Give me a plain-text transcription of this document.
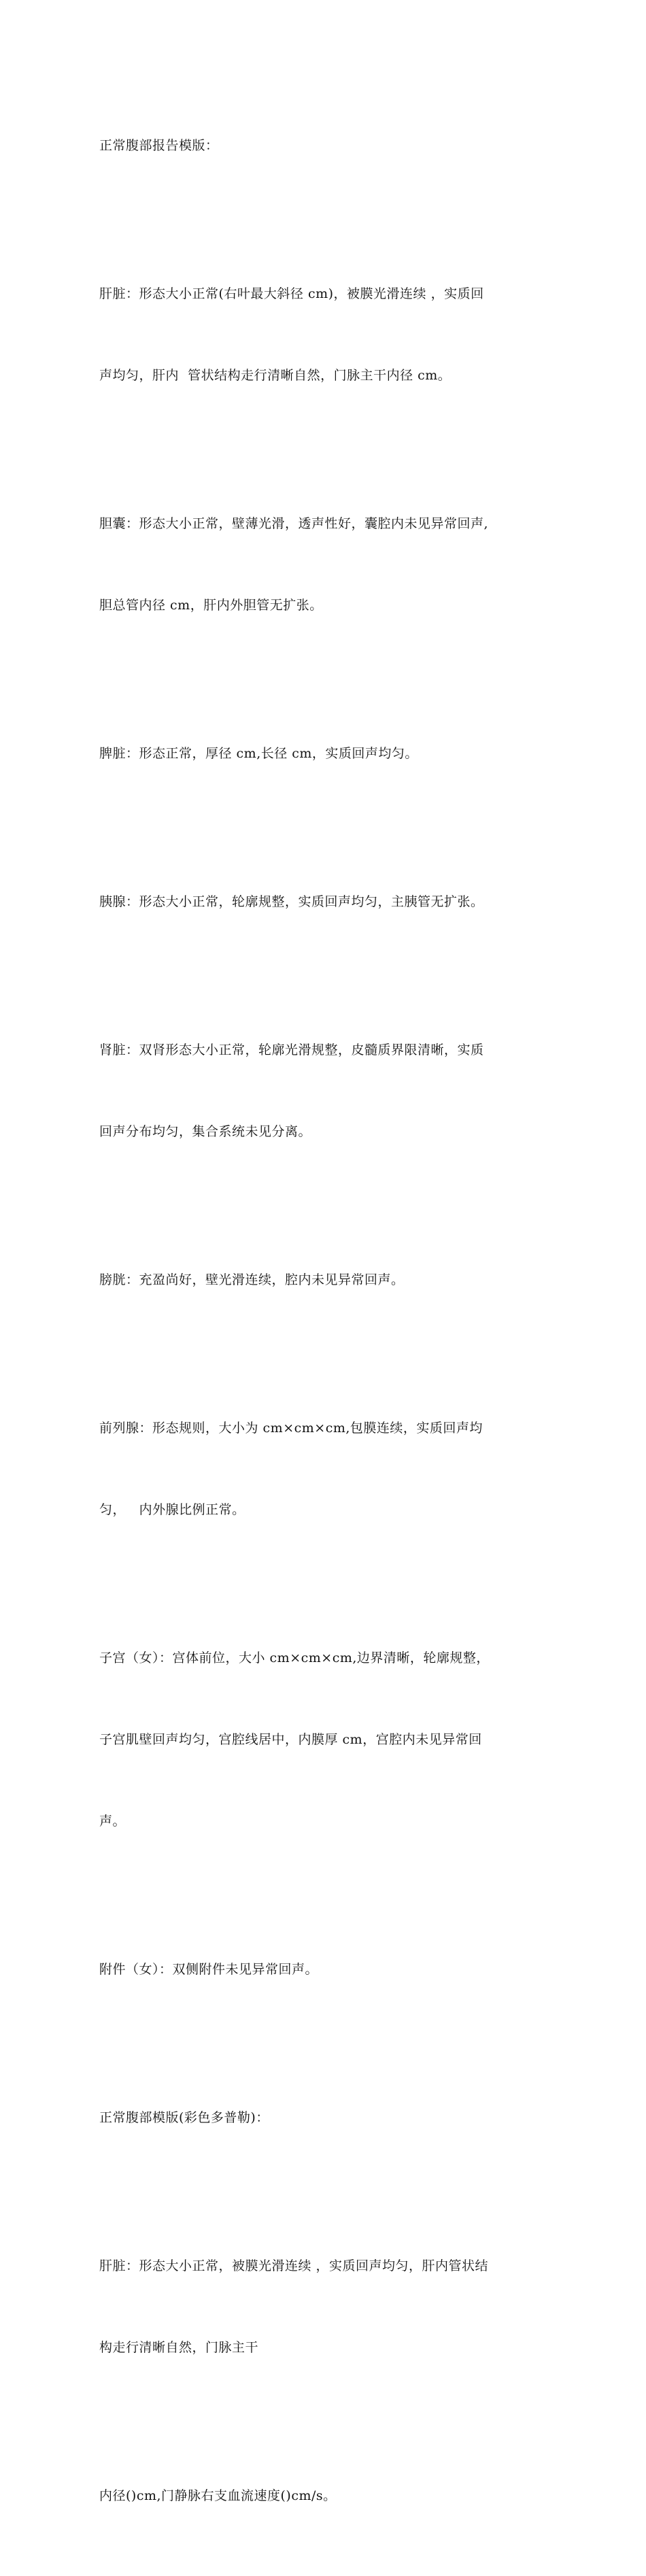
正常腹部报告模版：

肝脏：形态大小正常(右叶最大斜径 cm)，被膜光滑连续 ，实质回

声均匀，肝内  管状结构走行清晰自然，门脉主干内径 cm。

胆囊：形态大小正常，壁薄光滑，透声性好，囊腔内未见异常回声,

胆总管内径 cm，肝内外胆管无扩张。

脾脏：形态正常，厚径 cm,长径 cm，实质回声均匀。

胰腺：形态大小正常，轮廓规整，实质回声均匀，主胰管无扩张。

肾脏：双肾形态大小正常，轮廓光滑规整，皮髓质界限清晰，实质

回声分布均匀，集合系统未见分离。

膀胱：充盈尚好，壁光滑连续，腔内未见异常回声。

前列腺：形态规则，大小为 cm×cm×cm,包膜连续，实质回声均

匀，   内外腺比例正常。

子宫（女）：宫体前位，大小 cm×cm×cm,边界清晰，轮廓规整，

子宫肌壁回声均匀，宫腔线居中，内膜厚 cm，宫腔内未见异常回

声。

附件（女）：双侧附件未见异常回声。

正常腹部模版(彩色多普勒)：

肝脏：形态大小正常，被膜光滑连续 ，实质回声均匀，肝内管状结

构走行清晰自然，门脉主干

内径()cm,门静脉右支血流速度()cm/s。
